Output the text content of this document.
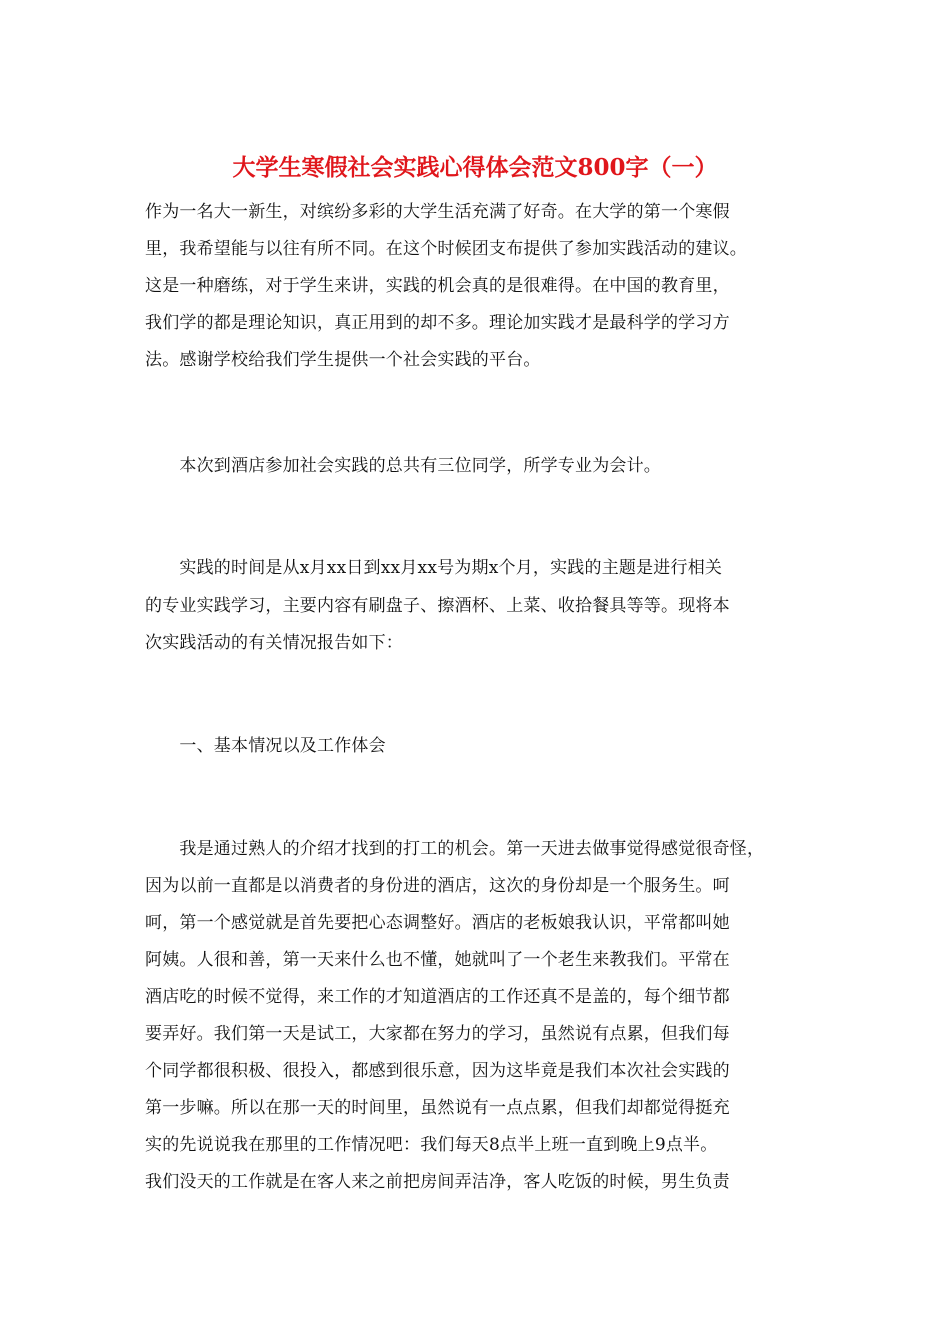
大学生寒假社会实践心得体会范文800字（一）
作为一名大一新生，对缤纷多彩的大学生活充满了好奇。在大学的第一个寒假
里，我希望能与以往有所不同。在这个时候团支布提供了参加实践活动的建议。
这是一种磨练，对于学生来讲，实践的机会真的是很难得。在中国的教育里，
我们学的都是理论知识，真正用到的却不多。理论加实践才是最科学的学习方
法。感谢学校给我们学生提供一个社会实践的平台。
　　本次到酒店参加社会实践的总共有三位同学，所学专业为会计。
　　实践的时间是从x月xx日到xx月xx号为期x个月，实践的主题是进行相关
的专业实践学习，主要内容有刷盘子、擦酒杯、上菜、收拾餐具等等。现将本
次实践活动的有关情况报告如下：
　　一、基本情况以及工作体会
　　我是通过熟人的介绍才找到的打工的机会。第一天进去做事觉得感觉很奇怪，
因为以前一直都是以消费者的身份进的酒店，这次的身份却是一个服务生。呵
呵，第一个感觉就是首先要把心态调整好。酒店的老板娘我认识，平常都叫她
阿姨。人很和善，第一天来什么也不懂，她就叫了一个老生来教我们。平常在
酒店吃的时候不觉得，来工作的才知道酒店的工作还真不是盖的，每个细节都
要弄好。我们第一天是试工，大家都在努力的学习，虽然说有点累，但我们每
个同学都很积极、很投入，都感到很乐意，因为这毕竟是我们本次社会实践的
第一步嘛。所以在那一天的时间里，虽然说有一点点累，但我们却都觉得挺充
实的先说说我在那里的工作情况吧：我们每天8点半上班一直到晚上9点半。
我们没天的工作就是在客人来之前把房间弄洁净，客人吃饭的时候，男生负责
